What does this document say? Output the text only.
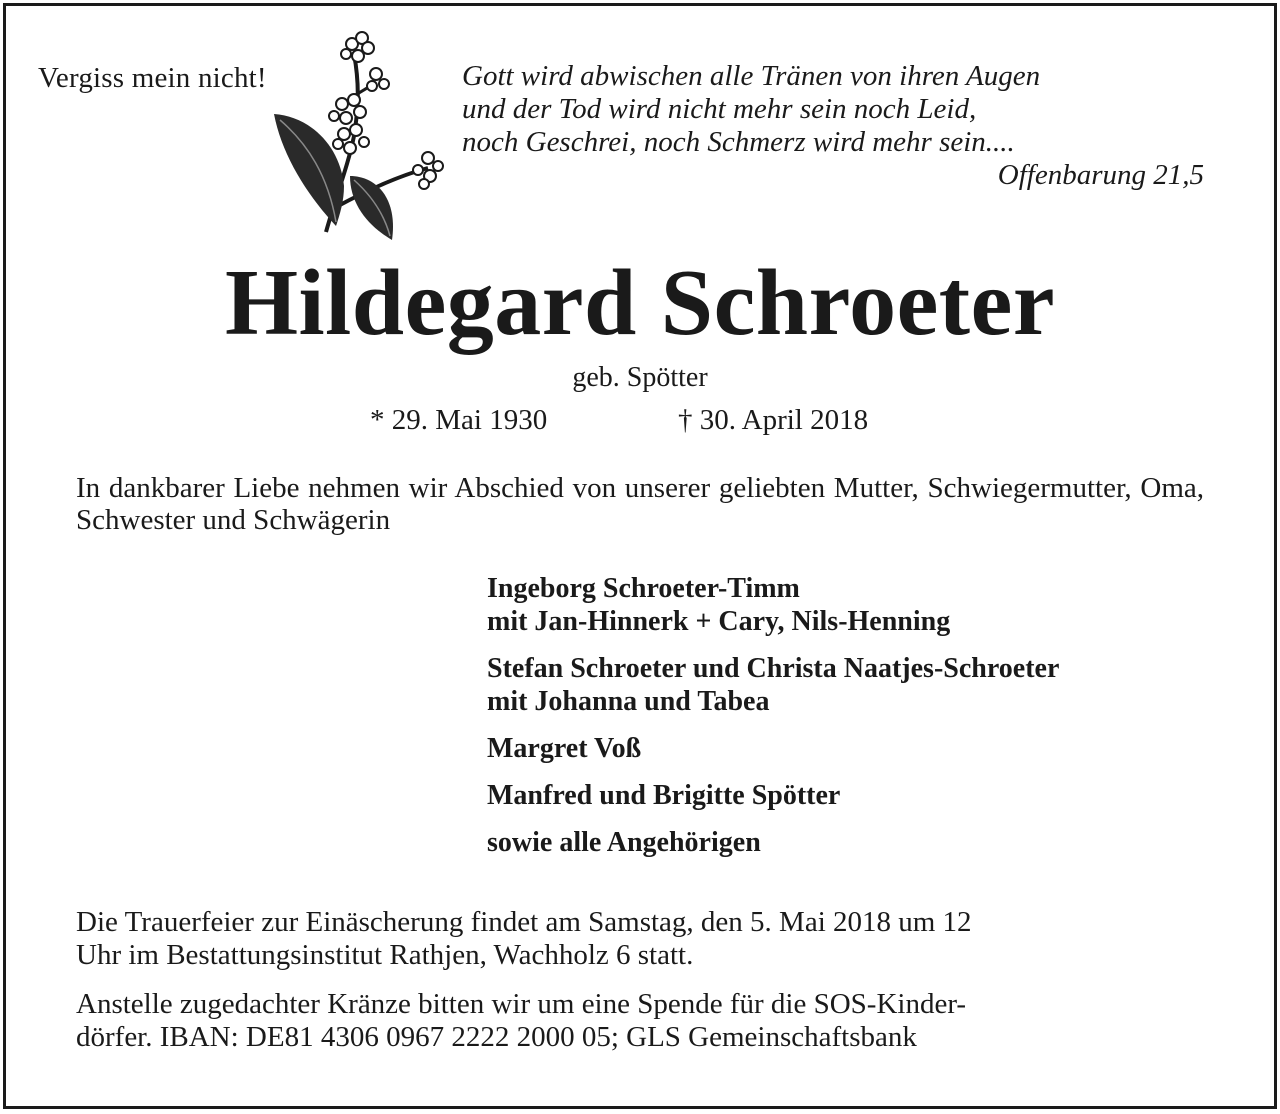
Vergiss mein nicht!	Gott wird abwischen alle Tränen von ihren Augen
und der Tod wird nicht mehr sein noch Leid,
noch Geschrei, noch Schmerz wird mehr sein....
Offenbarung 21,5
Hildegard Schroeter
geb. Spötter
* 29. Mai 1930	† 30. April 2018
In dankbarer Liebe nehmen wir Abschied von unserer geliebten Mutter, Schwiegermutter, Oma, Schwester und Schwägerin
Ingeborg Schroeter-Timm
mit Jan-Hinnerk + Cary, Nils-Henning
Stefan Schroeter und Christa Naatjes-Schroeter
mit Johanna und Tabea
Margret Voß
Manfred und Brigitte Spötter
sowie alle Angehörigen
Die Trauerfeier zur Einäscherung findet am Samstag, den 5. Mai 2018 um 12
Uhr im Bestattungsinstitut Rathjen, Wachholz 6 statt.
Anstelle zugedachter Kränze bitten wir um eine Spende für die SOS-Kinder-
dörfer. IBAN: DE81 4306 0967 2222 2000 05; GLS Gemeinschaftsbank
